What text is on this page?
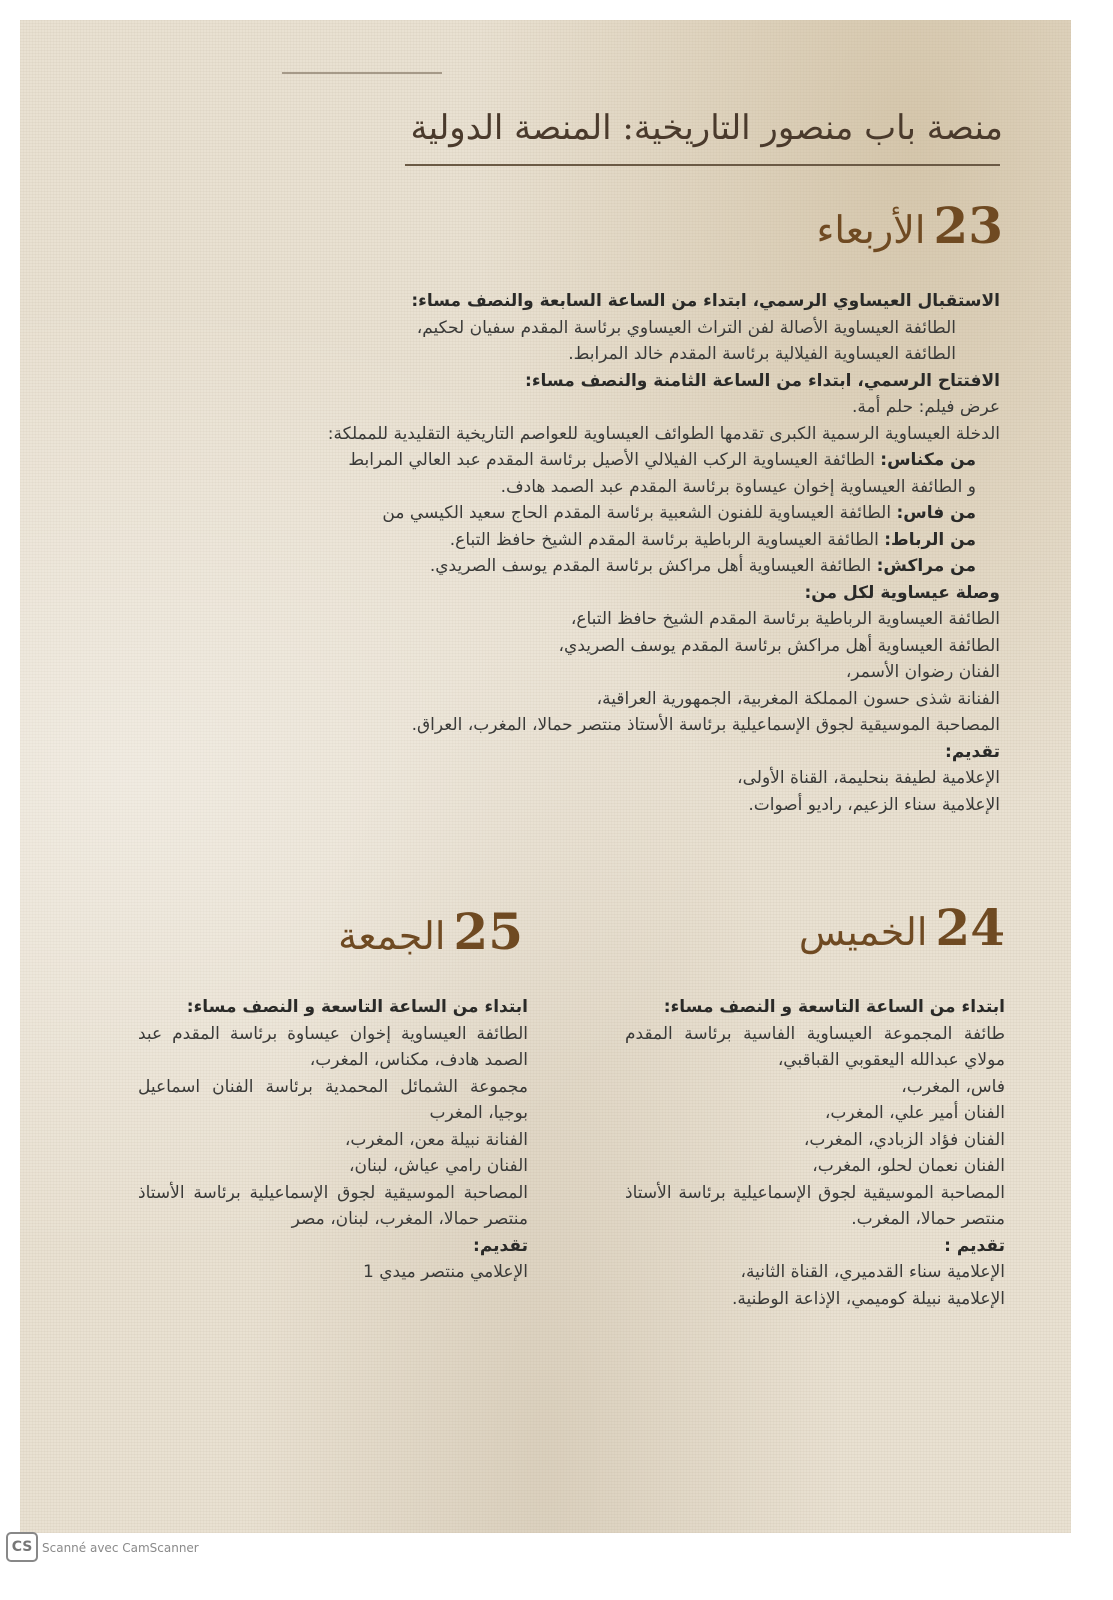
منصة باب منصور التاريخية: المنصة الدولية
23الأربعاء
الاستقبال العيساوي الرسمي، ابتداء من الساعة السابعة والنصف مساء:
الطائفة العيساوية الأصالة لفن التراث العيساوي برئاسة المقدم سفيان لحكيم،
الطائفة العيساوية الفيلالية برئاسة المقدم خالد المرابط.
الافتتاح الرسمي، ابتداء من الساعة الثامنة والنصف مساء:
عرض فيلم: حلم أمة.
الدخلة العيساوية الرسمية الكبرى تقدمها الطوائف العيساوية للعواصم التاريخية التقليدية للمملكة:
من مكناس: الطائفة العيساوية الركب الفيلالي الأصيل برئاسة المقدم عبد العالي المرابط
و الطائفة العيساوية إخوان عيساوة برئاسة المقدم عبد الصمد هادف.
من فاس: الطائفة العيساوية للفنون الشعبية برئاسة المقدم الحاج سعيد الكيسي من
من الرباط: الطائفة العيساوية الرباطية برئاسة المقدم الشيخ حافظ التباع.
من مراكش: الطائفة العيساوية أهل مراكش برئاسة المقدم يوسف الصريدي.
وصلة عيساوية لكل من:
الطائفة العيساوية الرباطية برئاسة المقدم الشيخ حافظ التباع،
الطائفة العيساوية أهل مراكش برئاسة المقدم يوسف الصريدي،
الفنان رضوان الأسمر،
الفنانة شذى حسون المملكة المغربية، الجمهورية العراقية،
المصاحبة الموسيقية لجوق الإسماعيلية برئاسة الأستاذ منتصر حمالا، المغرب، العراق.
تقديم:
الإعلامية لطيفة بنحليمة، القناة الأولى،
الإعلامية سناء الزعيم، راديو أصوات.
24الخميس
ابتداء من الساعة التاسعة و النصف مساء:
طائفة المجموعة العيساوية الفاسية برئاسة المقدم مولاي عبدالله اليعقوبي القباقبي،
فاس، المغرب،
الفنان أمير علي، المغرب،
الفنان فؤاد الزبادي، المغرب،
الفنان نعمان لحلو، المغرب،
المصاحبة الموسيقية لجوق الإسماعيلية برئاسة الأستاذ منتصر حمالا، المغرب.
تقديم :
الإعلامية سناء القدميري، القناة الثانية،
الإعلامية نبيلة كوميمي، الإذاعة الوطنية.
25الجمعة
ابتداء من الساعة التاسعة و النصف مساء:
الطائفة العيساوية إخوان عيساوة برئاسة المقدم عبد الصمد هادف، مكناس، المغرب،
مجموعة الشمائل المحمدية برئاسة الفنان اسماعيل بوجيا، المغرب
الفنانة نبيلة معن، المغرب،
الفنان رامي عياش، لبنان،
المصاحبة الموسيقية لجوق الإسماعيلية برئاسة الأستاذ منتصر حمالا، المغرب، لبنان، مصر
تقديم:
الإعلامي منتصر ميدي 1
CS Scanné avec CamScanner
